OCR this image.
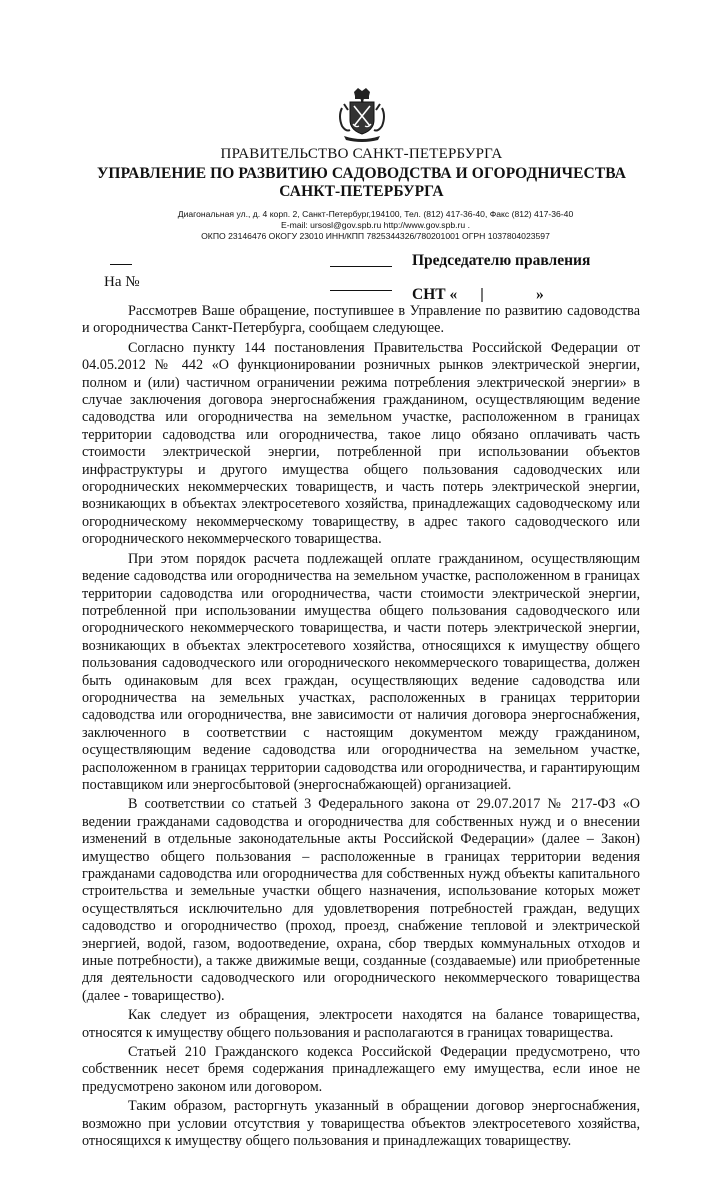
ПРАВИТЕЛЬСТВО САНКТ-ПЕТЕРБУРГА
УПРАВЛЕНИЕ ПО РАЗВИТИЮ САДОВОДСТВА И ОГОРОДНИЧЕСТВА
САНКТ-ПЕТЕРБУРГА
Диагональная ул., д. 4 корп. 2, Санкт-Петербург,194100, Тел. (812) 417-36-40, Факс (812) 417-36-40
E-mail: ursosl@gov.spb.ru http://www.gov.spb.ru .
ОКПО 23146476 ОКОГУ 23010 ИНН/КПП 7825344326/780201001 ОГРН 1037804023597
На №
Председателю правления
СНТ «	»

Рассмотрев Ваше обращение, поступившее в Управление по развитию садоводства и огородничества Санкт-Петербурга, сообщаем следующее.

Согласно пункту 144 постановления Правительства Российской Федерации от 04.05.2012 № 442 «О функционировании розничных рынков электрической энергии, полном и (или) частичном ограничении режима потребления электрической энергии» в случае заключения договора энергоснабжения гражданином, осуществляющим ведение садоводства или огородничества на земельном участке, расположенном в границах территории садоводства или огородничества, такое лицо обязано оплачивать часть стоимости электрической энергии, потребленной при использовании объектов инфраструктуры и другого имущества общего пользования садоводческих или огороднических некоммерческих товариществ, и часть потерь электрической энергии, возникающих в объектах электросетевого хозяйства, принадлежащих садоводческому или огородническому некоммерческому товариществу, в адрес такого садоводческого или огороднического некоммерческого товарищества.

При этом порядок расчета подлежащей оплате гражданином, осуществляющим ведение садоводства или огородничества на земельном участке, расположенном в границах территории садоводства или огородничества, части стоимости электрической энергии, потребленной при использовании имущества общего пользования садоводческого или огороднического некоммерческого товарищества, и части потерь электрической энергии, возникающих в объектах электросетевого хозяйства, относящихся к имуществу общего пользования садоводческого или огороднического некоммерческого товарищества, должен быть одинаковым для всех граждан, осуществляющих ведение садоводства или огородничества на земельных участках, расположенных в границах территории садоводства или огородничества, вне зависимости от наличия договора энергоснабжения, заключенного в соответствии с настоящим документом между гражданином, осуществляющим ведение садоводства или огородничества на земельном участке, расположенном в границах территории садоводства или огородничества, и гарантирующим поставщиком или энергосбытовой (энергоснабжающей) организацией.

В соответствии со статьей 3 Федерального закона от 29.07.2017 № 217-ФЗ «О ведении гражданами садоводства и огородничества для собственных нужд и о внесении изменений в отдельные законодательные акты Российской Федерации» (далее – Закон) имущество общего пользования – расположенные в границах территории ведения гражданами садоводства или огородничества для собственных нужд объекты капитального строительства и земельные участки общего назначения, использование которых может осуществляться исключительно для удовлетворения потребностей граждан, ведущих садоводство и огородничество (проход, проезд, снабжение тепловой и электрической энергией, водой, газом, водоотведение, охрана, сбор твердых коммунальных отходов и иные потребности), а также движимые вещи, созданные (создаваемые) или приобретенные для деятельности садоводческого или огороднического некоммерческого товарищества (далее - товарищество).

Как следует из обращения, электросети находятся на балансе товарищества, относятся к имуществу общего пользования и располагаются в границах товарищества.

Статьей 210 Гражданского кодекса Российской Федерации предусмотрено, что собственник несет бремя содержания принадлежащего ему имущества, если иное не предусмотрено законом или договором.

Таким образом, расторгнуть указанный в обращении договор энергоснабжения, возможно при условии отсутствия у товарищества объектов электросетевого хозяйства, относящихся к имуществу общего пользования и принадлежащих товариществу.
